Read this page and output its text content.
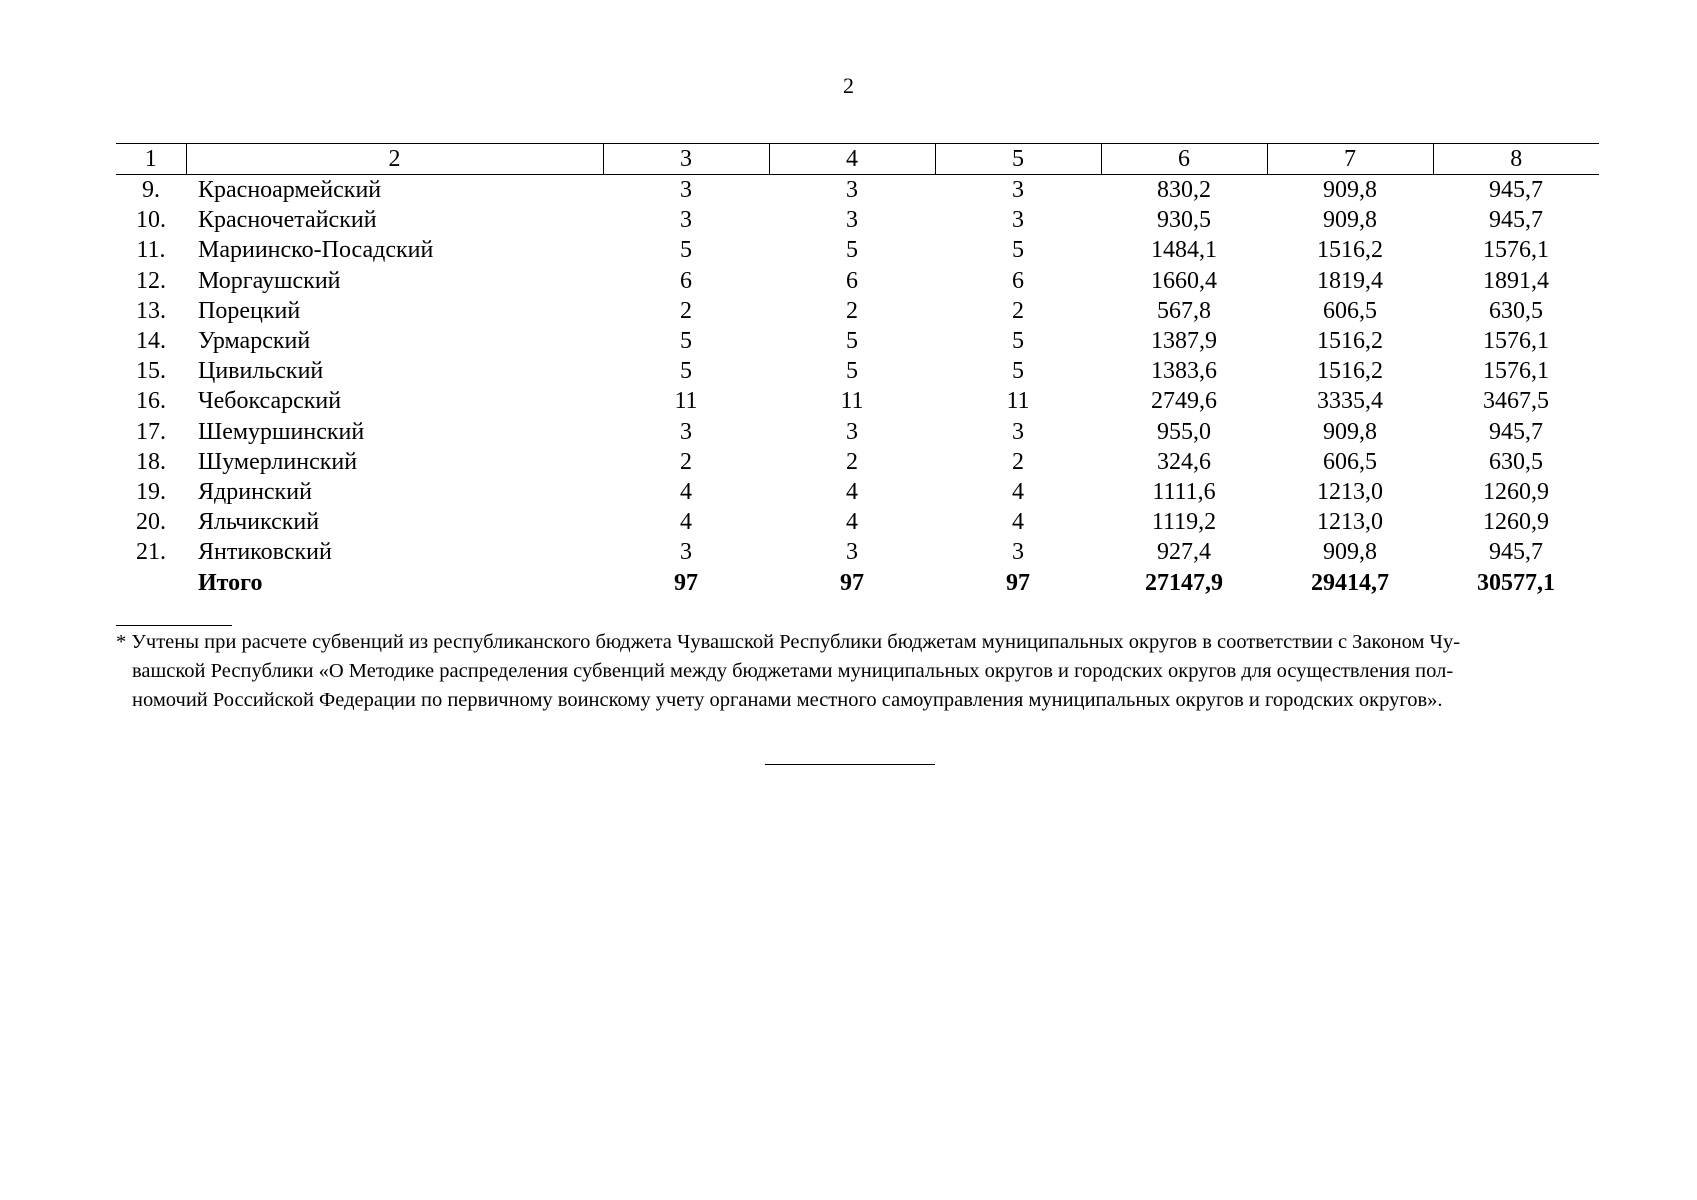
2
1	2	3	4	5	6	7	8
9.	Красноармейский	3	3	3	830,2	909,8	945,7
10.	Красночетайский	3	3	3	930,5	909,8	945,7
11.	Мариинско-Посадский	5	5	5	1484,1	1516,2	1576,1
12.	Моргаушский	6	6	6	1660,4	1819,4	1891,4
13.	Порецкий	2	2	2	567,8	606,5	630,5
14.	Урмарский	5	5	5	1387,9	1516,2	1576,1
15.	Цивильский	5	5	5	1383,6	1516,2	1576,1
16.	Чебоксарский	11	11	11	2749,6	3335,4	3467,5
17.	Шемуршинский	3	3	3	955,0	909,8	945,7
18.	Шумерлинский	2	2	2	324,6	606,5	630,5
19.	Ядринский	4	4	4	1111,6	1213,0	1260,9
20.	Яльчикский	4	4	4	1119,2	1213,0	1260,9
21.	Янтиковский	3	3	3	927,4	909,8	945,7
	Итого	97	97	97	27147,9	29414,7	30577,1
* Учтены при расчете субвенций из республиканского бюджета Чувашской Республики бюджетам муниципальных округов в соответствии с Законом Чу-
вашской Республики «О Методике распределения субвенций между бюджетами муниципальных округов и городских округов для осуществления пол-
номочий Российской Федерации по первичному воинскому учету органами местного самоуправления муниципальных округов и городских округов».
